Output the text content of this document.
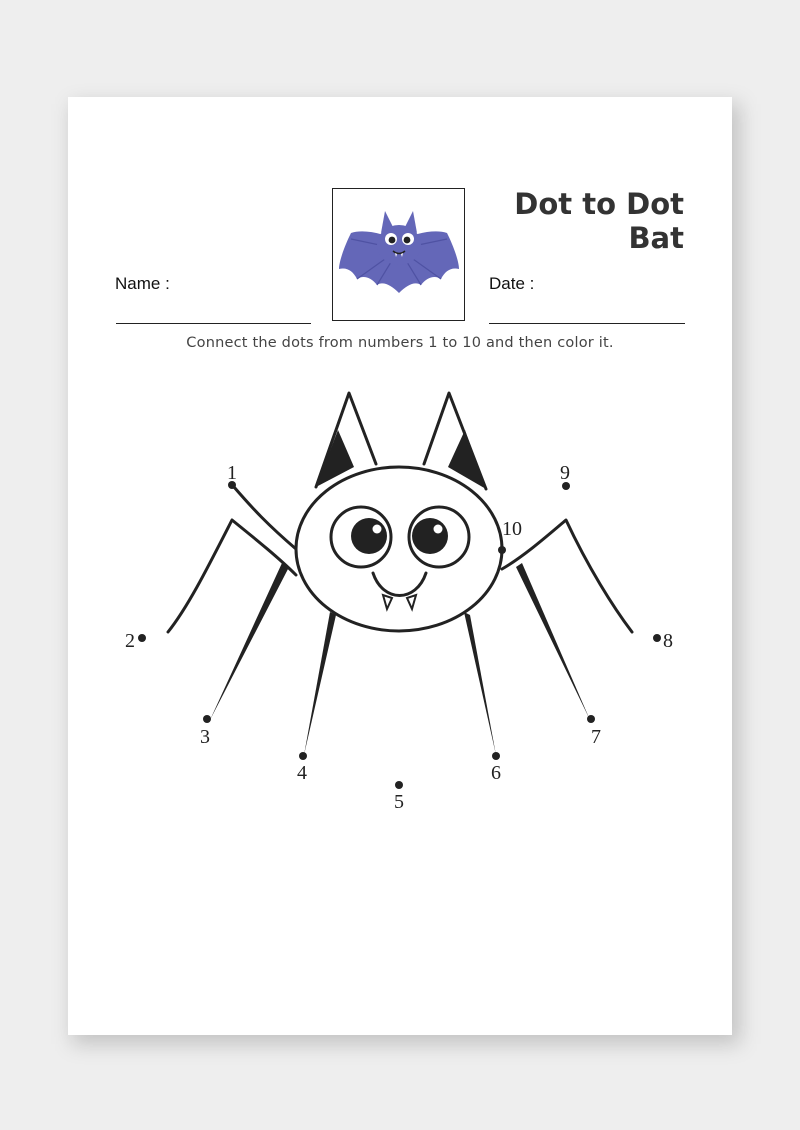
Dot to Dot
Bat
Name :	Date :
Connect the dots from numbers 1 to 10 and then color it.
1
2
3
4
5
6
7
8
9
10
